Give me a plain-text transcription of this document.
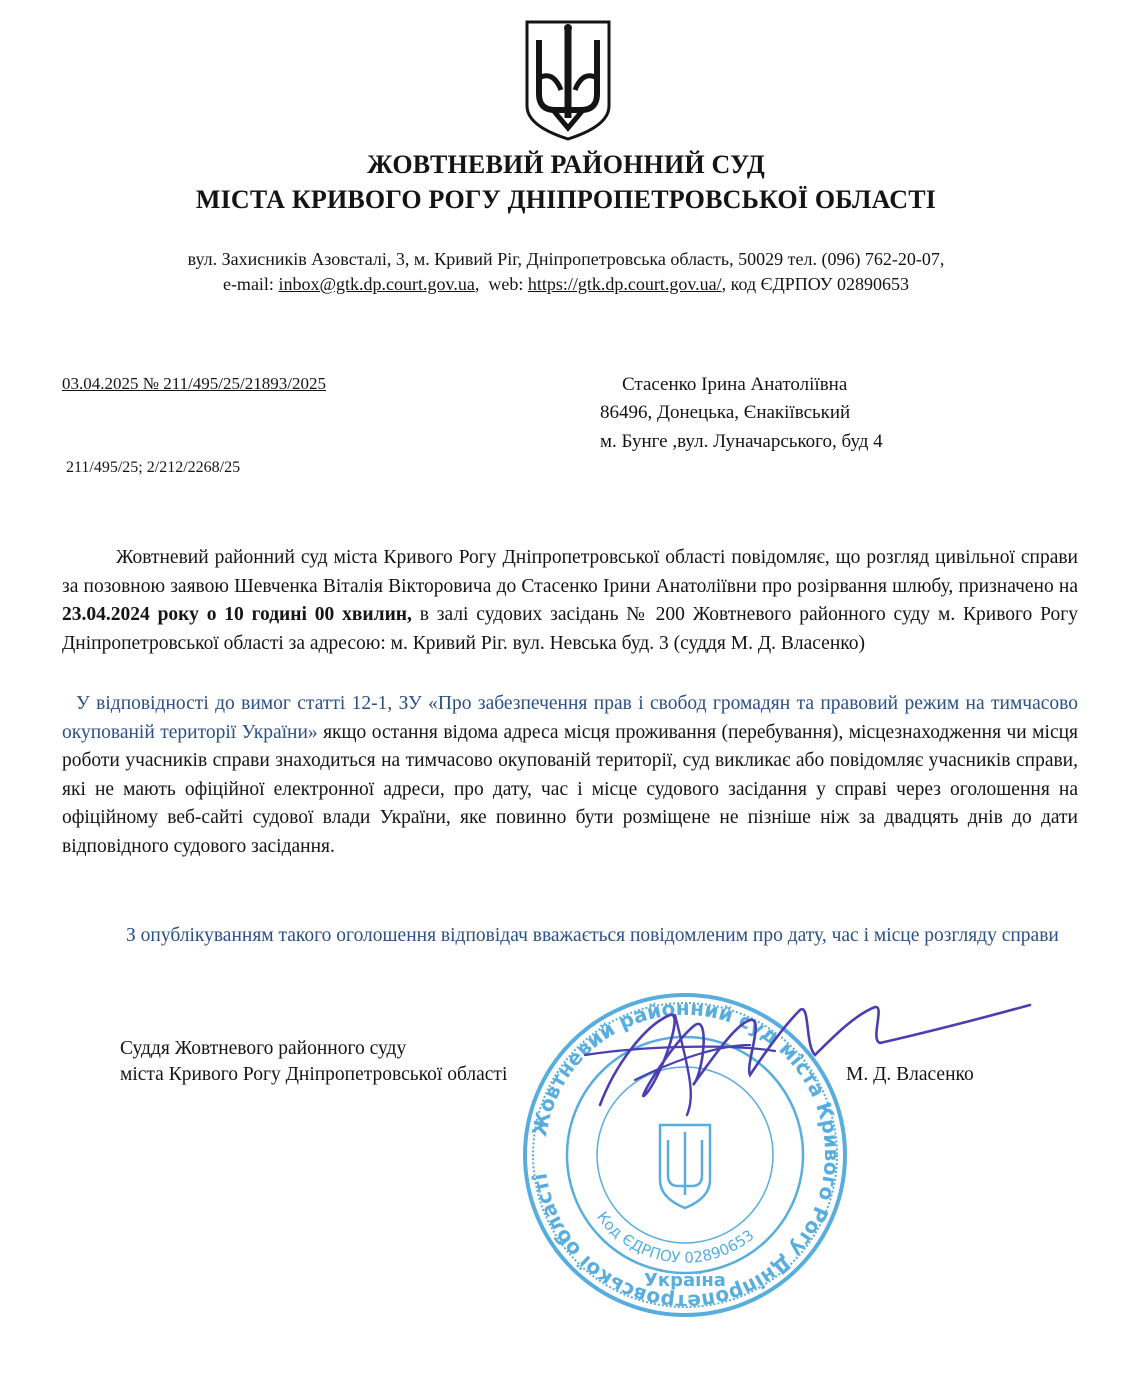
ЖОВТНЕВИЙ РАЙОННИЙ СУД
МІСТА КРИВОГО РОГУ ДНІПРОПЕТРОВСЬКОЇ ОБЛАСТІ
вул. Захисників Азовсталі, 3, м. Кривий Ріг, Дніпропетровська область, 50029 тел. (096) 762-20-07,
e-mail: inbox@gtk.dp.court.gov.ua,  web: https://gtk.dp.court.gov.ua/, код ЄДРПОУ 02890653
03.04.2025 № 211/495/25/21893/2025
211/495/25; 2/212/2268/25
Стасенко Ірина Анатоліївна
86496, Донецька, Єнакіївський
м. Бунге ,вул. Луначарського, буд 4
Жовтневий районний суд міста Кривого Рогу Дніпропетровської області повідомляє, що розгляд цивільної справи за позовною заявою Шевченка Віталія Вікторовича до Стасенко Ірини Анатоліївни про розірвання шлюбу, призначено на 23.04.2024 року о 10 годині 00 хвилин, в залі судових засідань № 200 Жовтневого районного суду м. Кривого Рогу Дніпропетровської області за адресою: м. Кривий Ріг. вул. Невська буд. 3 (суддя М. Д. Власенко)
У відповідності до вимог статті 12-1, ЗУ «Про забезпечення прав і свобод громадян та правовий режим на тимчасово окупованій території України» якщо остання відома адреса місця проживання (перебування), місцезнаходження чи місця роботи учасників справи знаходиться на тимчасово окупованій території, суд викликає або повідомляє учасників справи, які не мають офіційної електронної адреси, про дату, час і місце судового засідання у справі через оголошення на офіційному веб-сайті судової влади України, яке повинно бути розміщене не пізніше ніж за двадцять днів до дати відповідного судового засідання.
З опублікуванням такого оголошення відповідач вважається повідомленим про дату, час і місце розгляду справи
Жовтневий районний суд міста Кривого Рогу Дніпропетровської області
Код ЄДРПОУ 02890653
Україна
Суддя Жовтневого районного суду
міста Кривого Рогу Дніпропетровської області	М. Д. Власенко
